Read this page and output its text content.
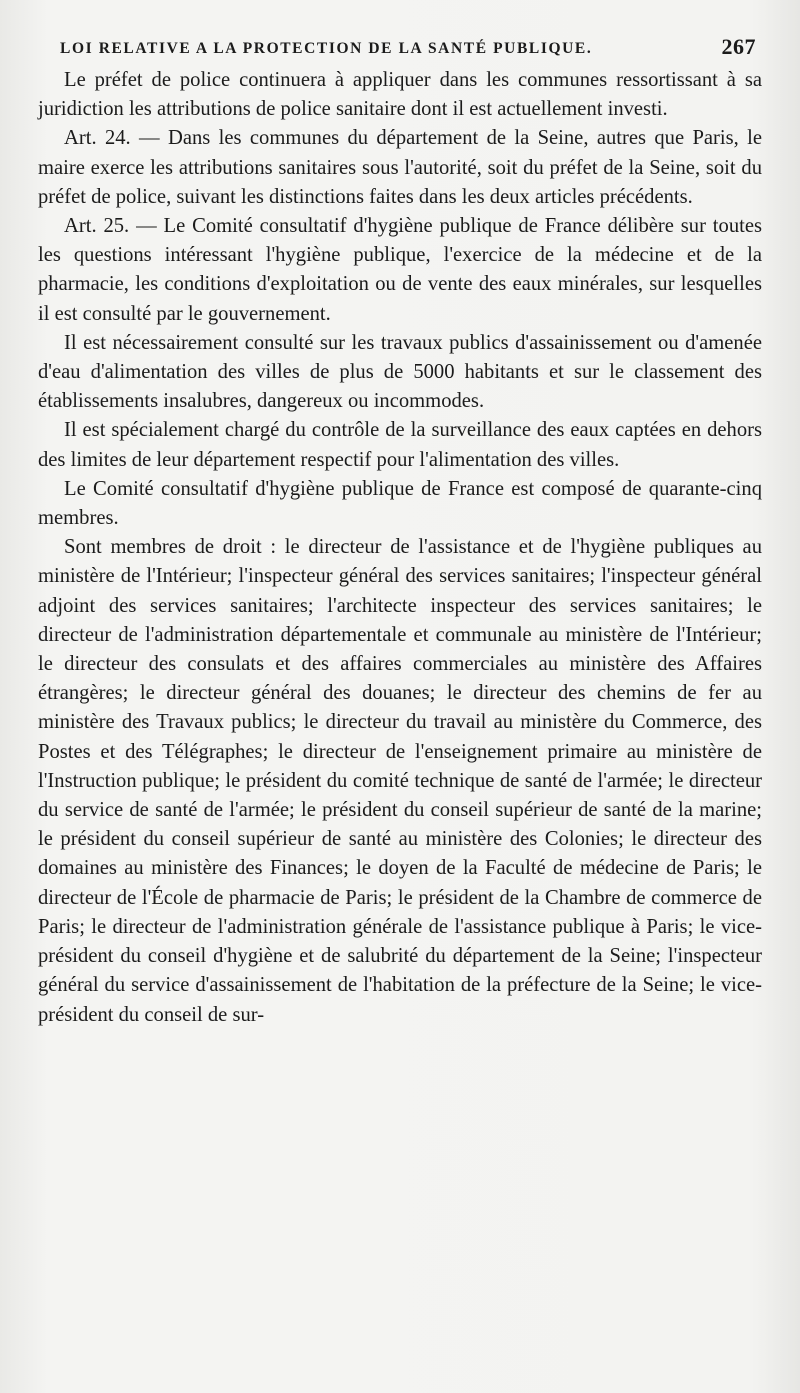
LOI RELATIVE A LA PROTECTION DE LA SANTÉ PUBLIQUE.	267

Le préfet de police continuera à appliquer dans les communes ressortissant à sa juridiction les attributions de police sanitaire dont il est actuellement investi.

Art. 24. — Dans les communes du département de la Seine, autres que Paris, le maire exerce les attributions sanitaires sous l'autorité, soit du préfet de la Seine, soit du préfet de police, suivant les distinctions faites dans les deux articles précédents.

Art. 25. — Le Comité consultatif d'hygiène publique de France délibère sur toutes les questions intéressant l'hygiène publique, l'exercice de la médecine et de la pharmacie, les conditions d'exploitation ou de vente des eaux minérales, sur lesquelles il est consulté par le gouvernement.

Il est nécessairement consulté sur les travaux publics d'assainissement ou d'amenée d'eau d'alimentation des villes de plus de 5000 habitants et sur le classement des établissements insalubres, dangereux ou incommodes.

Il est spécialement chargé du contrôle de la surveillance des eaux captées en dehors des limites de leur département respectif pour l'alimentation des villes.

Le Comité consultatif d'hygiène publique de France est composé de quarante-cinq membres.

Sont membres de droit : le directeur de l'assistance et de l'hygiène publiques au ministère de l'Intérieur; l'inspecteur général des services sanitaires; l'inspecteur général adjoint des services sanitaires; l'architecte inspecteur des services sanitaires; le directeur de l'administration départementale et communale au ministère de l'Intérieur; le directeur des consulats et des affaires commerciales au ministère des Affaires étrangères; le directeur général des douanes; le directeur des chemins de fer au ministère des Travaux publics; le directeur du travail au ministère du Commerce, des Postes et des Télégraphes; le directeur de l'enseignement primaire au ministère de l'Instruction publique; le président du comité technique de santé de l'armée; le directeur du service de santé de l'armée; le président du conseil supérieur de santé de la marine; le président du conseil supérieur de santé au ministère des Colonies; le directeur des domaines au ministère des Finances; le doyen de la Faculté de médecine de Paris; le directeur de l'École de pharmacie de Paris; le président de la Chambre de commerce de Paris; le directeur de l'administration générale de l'assistance publique à Paris; le vice-président du conseil d'hygiène et de salubrité du département de la Seine; l'inspecteur général du service d'assainissement de l'habitation de la préfecture de la Seine; le vice-président du conseil de sur-
